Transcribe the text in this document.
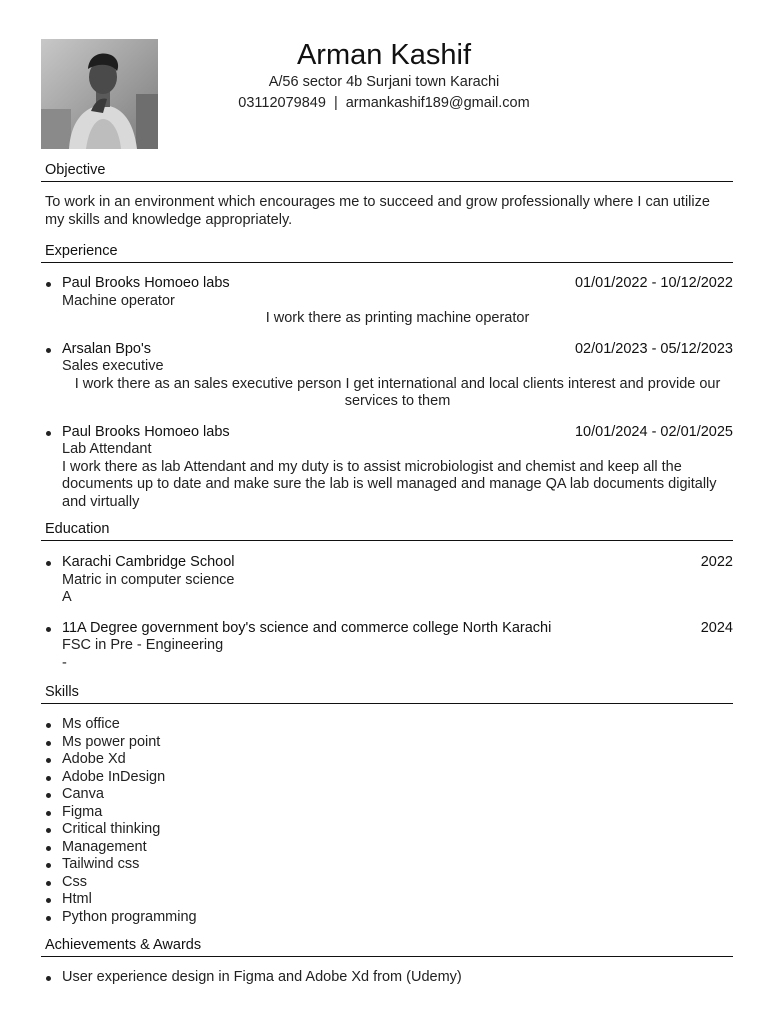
Arman Kashif
A/56 sector 4b Surjani town Karachi
03112079849 | armankashif189@gmail.com
Objective
To work in an environment which encourages me to succeed and grow professionally where I can utilize my skills and knowledge appropriately.
Experience
Paul Brooks Homoeo labs	01/01/2022 - 10/12/2022
Machine operator
I work there as printing machine operator
Arsalan Bpo's	02/01/2023 - 05/12/2023
Sales executive
I work there as an sales executive person I get international and local clients interest and provide our services to them
Paul Brooks Homoeo labs	10/01/2024 - 02/01/2025
Lab Attendant
I work there as lab Attendant and my duty is to assist microbiologist and chemist and keep all the documents up to date and make sure the lab is well managed and manage QA lab documents digitally and virtually
Education
Karachi Cambridge School	2022
Matric in computer science
A
11A Degree government boy's science and commerce college North Karachi	2024
FSC in Pre - Engineering
-
Skills
Ms office
Ms power point
Adobe Xd
Adobe InDesign
Canva
Figma
Critical thinking
Management
Tailwind css
Css
Html
Python programming
Achievements & Awards
User experience design in Figma and Adobe Xd from (Udemy)
